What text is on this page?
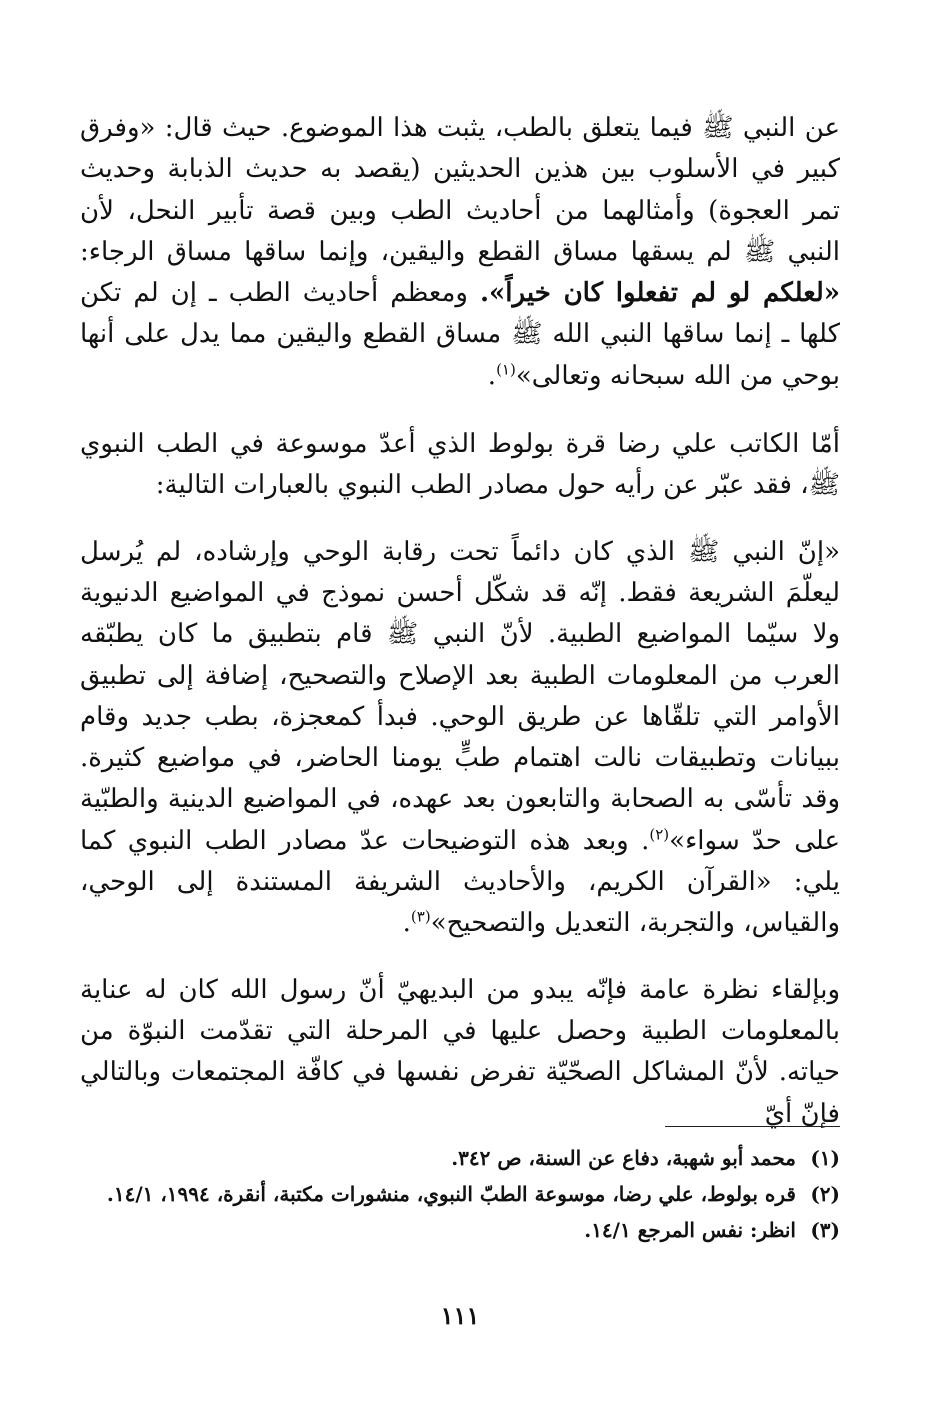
عن النبي ﷺ فيما يتعلق بالطب، يثبت هذا الموضوع. حيث قال: «وفرق كبير في الأسلوب بين هذين الحديثين (يقصد به حديث الذبابة وحديث تمر العجوة) وأمثالهما من أحاديث الطب وبين قصة تأبير النحل، لأن النبي ﷺ لم يسقها مساق القطع واليقين، وإنما ساقها مساق الرجاء: «لعلكم لو لم تفعلوا كان خيراً». ومعظم أحاديث الطب ـ إن لم تكن كلها ـ إنما ساقها النبي الله ﷺ مساق القطع واليقين مما يدل على أنها بوحي من الله سبحانه وتعالى»$^{(١)}$.

أمّا الكاتب علي رضا قرة بولوط الذي أعدّ موسوعة في الطب النبوي ﷺ، فقد عبّر عن رأيه حول مصادر الطب النبوي بالعبارات التالية:

«إنّ النبي ﷺ الذي كان دائماً تحت رقابة الوحي وإرشاده، لم يُرسل ليعلّمَ الشريعة فقط. إنّه قد شكّل أحسن نموذج في المواضيع الدنيوية ولا سيّما المواضيع الطبية. لأنّ النبي ﷺ قام بتطبيق ما كان يطبّقه العرب من المعلومات الطبية بعد الإصلاح والتصحيح، إضافة إلى تطبيق الأوامر التي تلقّاها عن طريق الوحي. فبدأ كمعجزة، بطب جديد وقام ببيانات وتطبيقات نالت اهتمام طبٍّ يومنا الحاضر، في مواضيع كثيرة. وقد تأسّى به الصحابة والتابعون بعد عهده، في المواضيع الدينية والطبّية على حدّ سواء»$^{(٢)}$. وبعد هذه التوضيحات عدّ مصادر الطب النبوي كما يلي: «القرآن الكريم، والأحاديث الشريفة المستندة إلى الوحي، والقياس، والتجربة، التعديل والتصحيح»$^{(٣)}$.

وبإلقاء نظرة عامة فإنّه يبدو من البديهيّ أنّ رسول الله كان له عناية بالمعلومات الطبية وحصل عليها في المرحلة التي تقدّمت النبوّة من حياته. لأنّ المشاكل الصحّيّة تفرض نفسها في كافّة المجتمعات وبالتالي فإنّ أيّ

(١)
محمد أبو شهبة، دفاع عن السنة، ص ٣٤٢.
(٢)
قره بولوط، علي رضا، موسوعة الطبّ النبوي، منشورات مكتبة، أنقرة، ١٩٩٤، ١٤/١.
(٣)
انظر: نفس المرجع ١٤/١.
١١١
